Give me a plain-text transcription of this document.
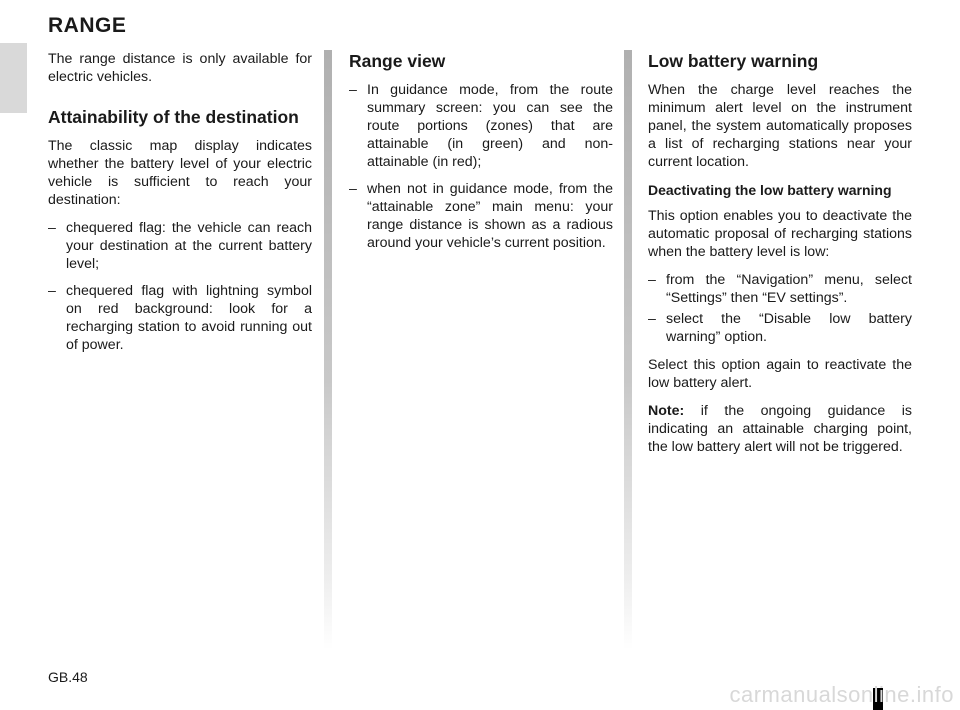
RANGE

The range distance is only available for electric vehicles.

Attainability of the destination

The classic map display indicates whether the battery level of your electric vehicle is sufficient to reach your destination:

– chequered flag: the vehicle can reach your destination at the current battery level;
– chequered flag with lightning symbol on red background: look for a recharging station to avoid running out of power.
Range view
– In guidance mode, from the route summary screen: you can see the route portions (zones) that are attainable (in green) and non-attainable (in red);
– when not in guidance mode, from the “attainable zone” main menu: your range distance is shown as a radious around your vehicle’s current position.
Low battery warning

When the charge level reaches the minimum alert level on the instrument panel, the system automatically proposes a list of recharging stations near your current location.

Deactivating the low battery warning

This option enables you to deactivate the automatic proposal of recharging stations when the battery level is low:

– from the “Navigation” menu, select “Settings” then “EV settings”.
– select the “Disable low battery warning” option.

Select this option again to reactivate the low battery alert.

Note: if the ongoing guidance is indicating an attainable charging point, the low battery alert will not be triggered.

GB.48
carmanualsonline.info
